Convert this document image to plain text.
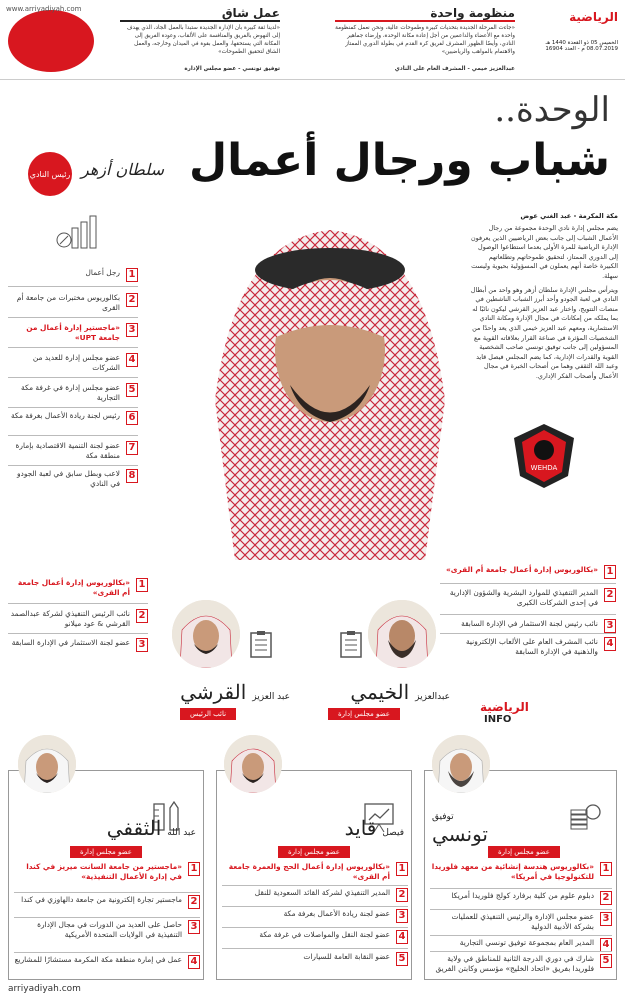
www.arriyadiyah.com	عمل شاق
«لدينا ثقة كبيرة بأن الإدارة الجديدة ستبدأ بالعمل الجاد، الذي يهدف إلى النهوض بالفريق والمنافسة على الألقاب، وعودة الفريق إلى المكانة التي يستحقها، والعمل بقوة في الميدان وخارجه، والعمل الشاق لتحقيق الطموحات»
توفيق تونسي - عضو مجلس الإدارة
منظومة واحدة
«جاءت المرحلة الجديدة بتحديات كبيرة وطموحات عالية، ونحن نعمل كمنظومة واحدة مع الأعضاء والداعمين من أجل إعادة مكانة الوحدة، وإرضاء جماهير النادي، وأيضًا الظهور المشرف لفريق كرة القدم في بطولة الدوري الممتاز والاهتمام بالمواهب والرياضيين»
عبدالعزيز خيمي - المشرف العام على النادي
الرياضية
الخميس 05 ذو القعدة 1440 هـ
08.07.2019 م - العدد 16904
الوحدة..
شباب ورجال أعمال
رئيس النادي سلطان أزهر
1
رجل أعمال
2
بكالوريوس مختبرات من جامعة أم القرى
3
«ماجستير إدارة أعمال من جامعة UPT»
4
عضو مجلس إدارة للعديد من الشركات
5
عضو مجلس إدارة في غرفة مكة التجارية
6
رئيس لجنة ريادة الأعمال بغرفة مكة
7
عضو لجنة التنمية الاقتصادية بإمارة منطقة مكة
8
لاعب وبطل سابق في لعبة الجودو في النادي
مكة المكرمة - عبد الغني عوض
يضم مجلس إدارة نادي الوحدة مجموعة من رجال الأعمال الشباب إلى جانب بعض الرياضيين الذين يعرفون الإدارة الرياضية للمرة الأولى بعدما استطاعوا الوصول إلى الدوري الممتاز، لتحقيق طموحاتهم وتطلعاتهم الكبيرة خاصة أنهم يعملون في المسؤولية بحيوية وليست سهلة.
ويترأس مجلس الإدارة سلطان أزهر وهو واحد من أبطال النادي في لعبة الجودو وأحد أبرز الشباب الناشطين في منصات التتويج، واختار عبد العزيز القرشي ليكون نائبًا له بما يملكه من إمكانات في مجال الإدارة ومكانة النادي الاستثمارية، ومعهم عبد العزيز خيمي الذي يعد واحدًا من الشخصيات المؤثرة في صناعة القرار بعلاقاته القوية مع المسؤولين إلى جانب توفيق تونسي صاحب الشخصية القوية والقدرات الإدارية، كما يضم المجلس فيصل قايد وعبد الله الثقفي وهما من أصحاب الخبرة في مجال الأعمال وأصحاب الفكر الإداري.
WEHDA
1
«بكالوريوس إدارة أعمال جامعة أم القرى»
2
نائب الرئيس التنفيذي لشركة عبدالصمد القرشي & عود ميلانو
3
عضو لجنة الاستثمار في الإدارة السابقة
عبد العزيز
القرشي
نائب الرئيس
1
«بكالوريوس إدارة أعمال جامعة أم القرى»
2
المدير التنفيذي للموارد البشرية والشؤون الإدارية في إحدى الشركات الكبرى
3
نائب رئيس لجنة الاستثمار في الإدارة السابقة
4
نائب المشرف العام على الألعاب الإلكترونية والذهنية في الإدارة السابقة
عبدالعزيز
الخيمي
عضو مجلس إدارة	الرياضية
INFO
الثقفي عبد الله	قايد فيصل
توفيق
تونسي
عضو مجلس إدارة	عضو مجلس إدارة	عضو مجلس إدارة
1
«ماجستير من جامعة السانت ميريز في كندا في إدارة الأعمال التنفيذية»
2
ماجستير تجارة إلكترونية من جامعة دالهاوزي في كندا
3
حاصل على العديد من الدورات في مجال الإدارة التنفيذية في الولايات المتحدة الأمريكية
4
عمل في إمارة منطقة مكة المكرمة مستشارًا للمشاريع
1
«بكالوريوس إدارة أعمال الحج والعمرة جامعة أم القرى»
2
المدير التنفيذي لشركة القائد السعودية للنقل
3
عضو لجنة ريادة الأعمال بغرفة مكة
4
عضو لجنة النقل والمواصلات في غرفة مكة
5
عضو النقابة العامة للسيارات
1
«بكالوريوس هندسة إنشائية من معهد فلوريدا للتكنولوجيا في أمريكا»
2
دبلوم علوم من كلية برفارد كولج فلوريدا أمريكا
3
عضو مجلس الإدارة والرئيس التنفيذي للعمليات بشركة الأدبية الدولية
4
المدير العام بمجموعة توفيق تونسي التجارية
5
شارك في دوري الدرجة الثانية للمناطق في ولاية فلوريدا بفريق «اتحاد الخليج» مؤسس وكابتن الفريق
arriyadiyah.com
